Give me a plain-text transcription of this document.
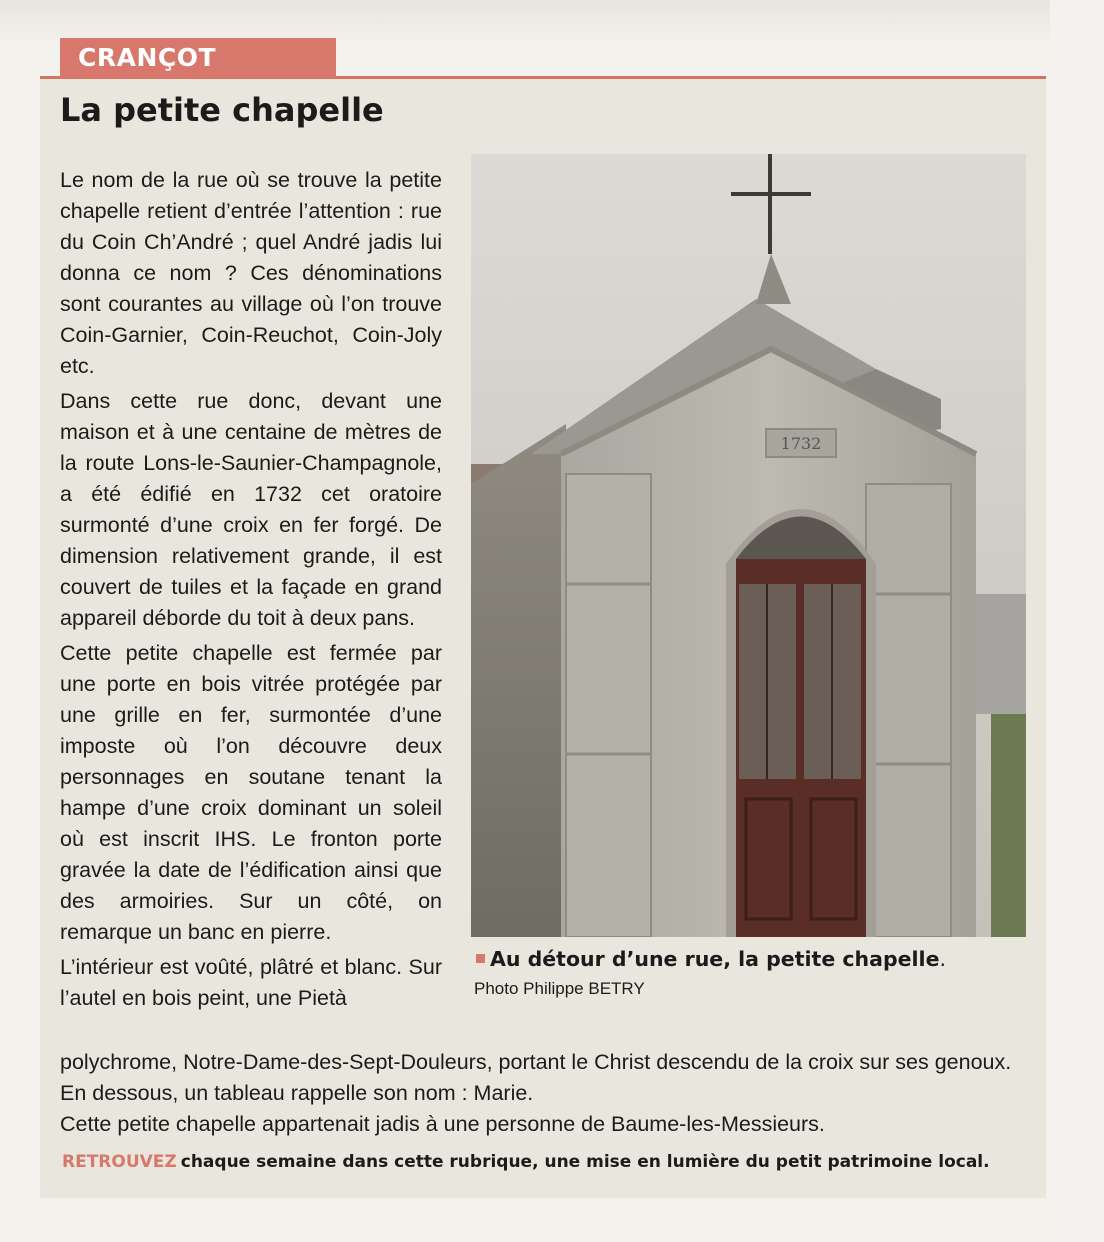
CRANÇOT
La petite chapelle

Le nom de la rue où se trouve la petite chapelle retient d’entrée l’attention : rue du Coin Ch’André ; quel André jadis lui donna ce nom ? Ces dénominations sont courantes au village où l’on trouve Coin-Garnier, Coin-Reuchot, Coin-Joly etc.

Dans cette rue donc, devant une maison et à une centaine de mètres de la route Lons-le-Saunier-Champagnole, a été édifié en 1732 cet oratoire surmonté d’une croix en fer forgé. De dimension relativement grande, il est couvert de tuiles et la façade en grand appareil déborde du toit à deux pans.

Cette petite chapelle est fermée par une porte en bois vitrée protégée par une grille en fer, surmontée d’une imposte où l’on découvre deux personnages en soutane tenant la hampe d’une croix dominant un soleil où est inscrit IHS. Le fronton porte gravée la date de l’édification ainsi que des armoiries. Sur un côté, on remarque un banc en pierre.

L’intérieur est voûté, plâtré et blanc. Sur l’autel en bois peint, une Pietà

1732
Au détour d’une rue, la petite chapelle.
Photo Philippe BETRY

polychrome, Notre-Dame-des-Sept-Douleurs, portant le Christ descendu de la croix sur ses genoux. En dessous, un tableau rappelle son nom : Marie.

Cette petite chapelle appartenait jadis à une personne de Baume-les-Messieurs.

RETROUVEZ chaque semaine dans cette rubrique, une mise en lumière du petit patrimoine local.
